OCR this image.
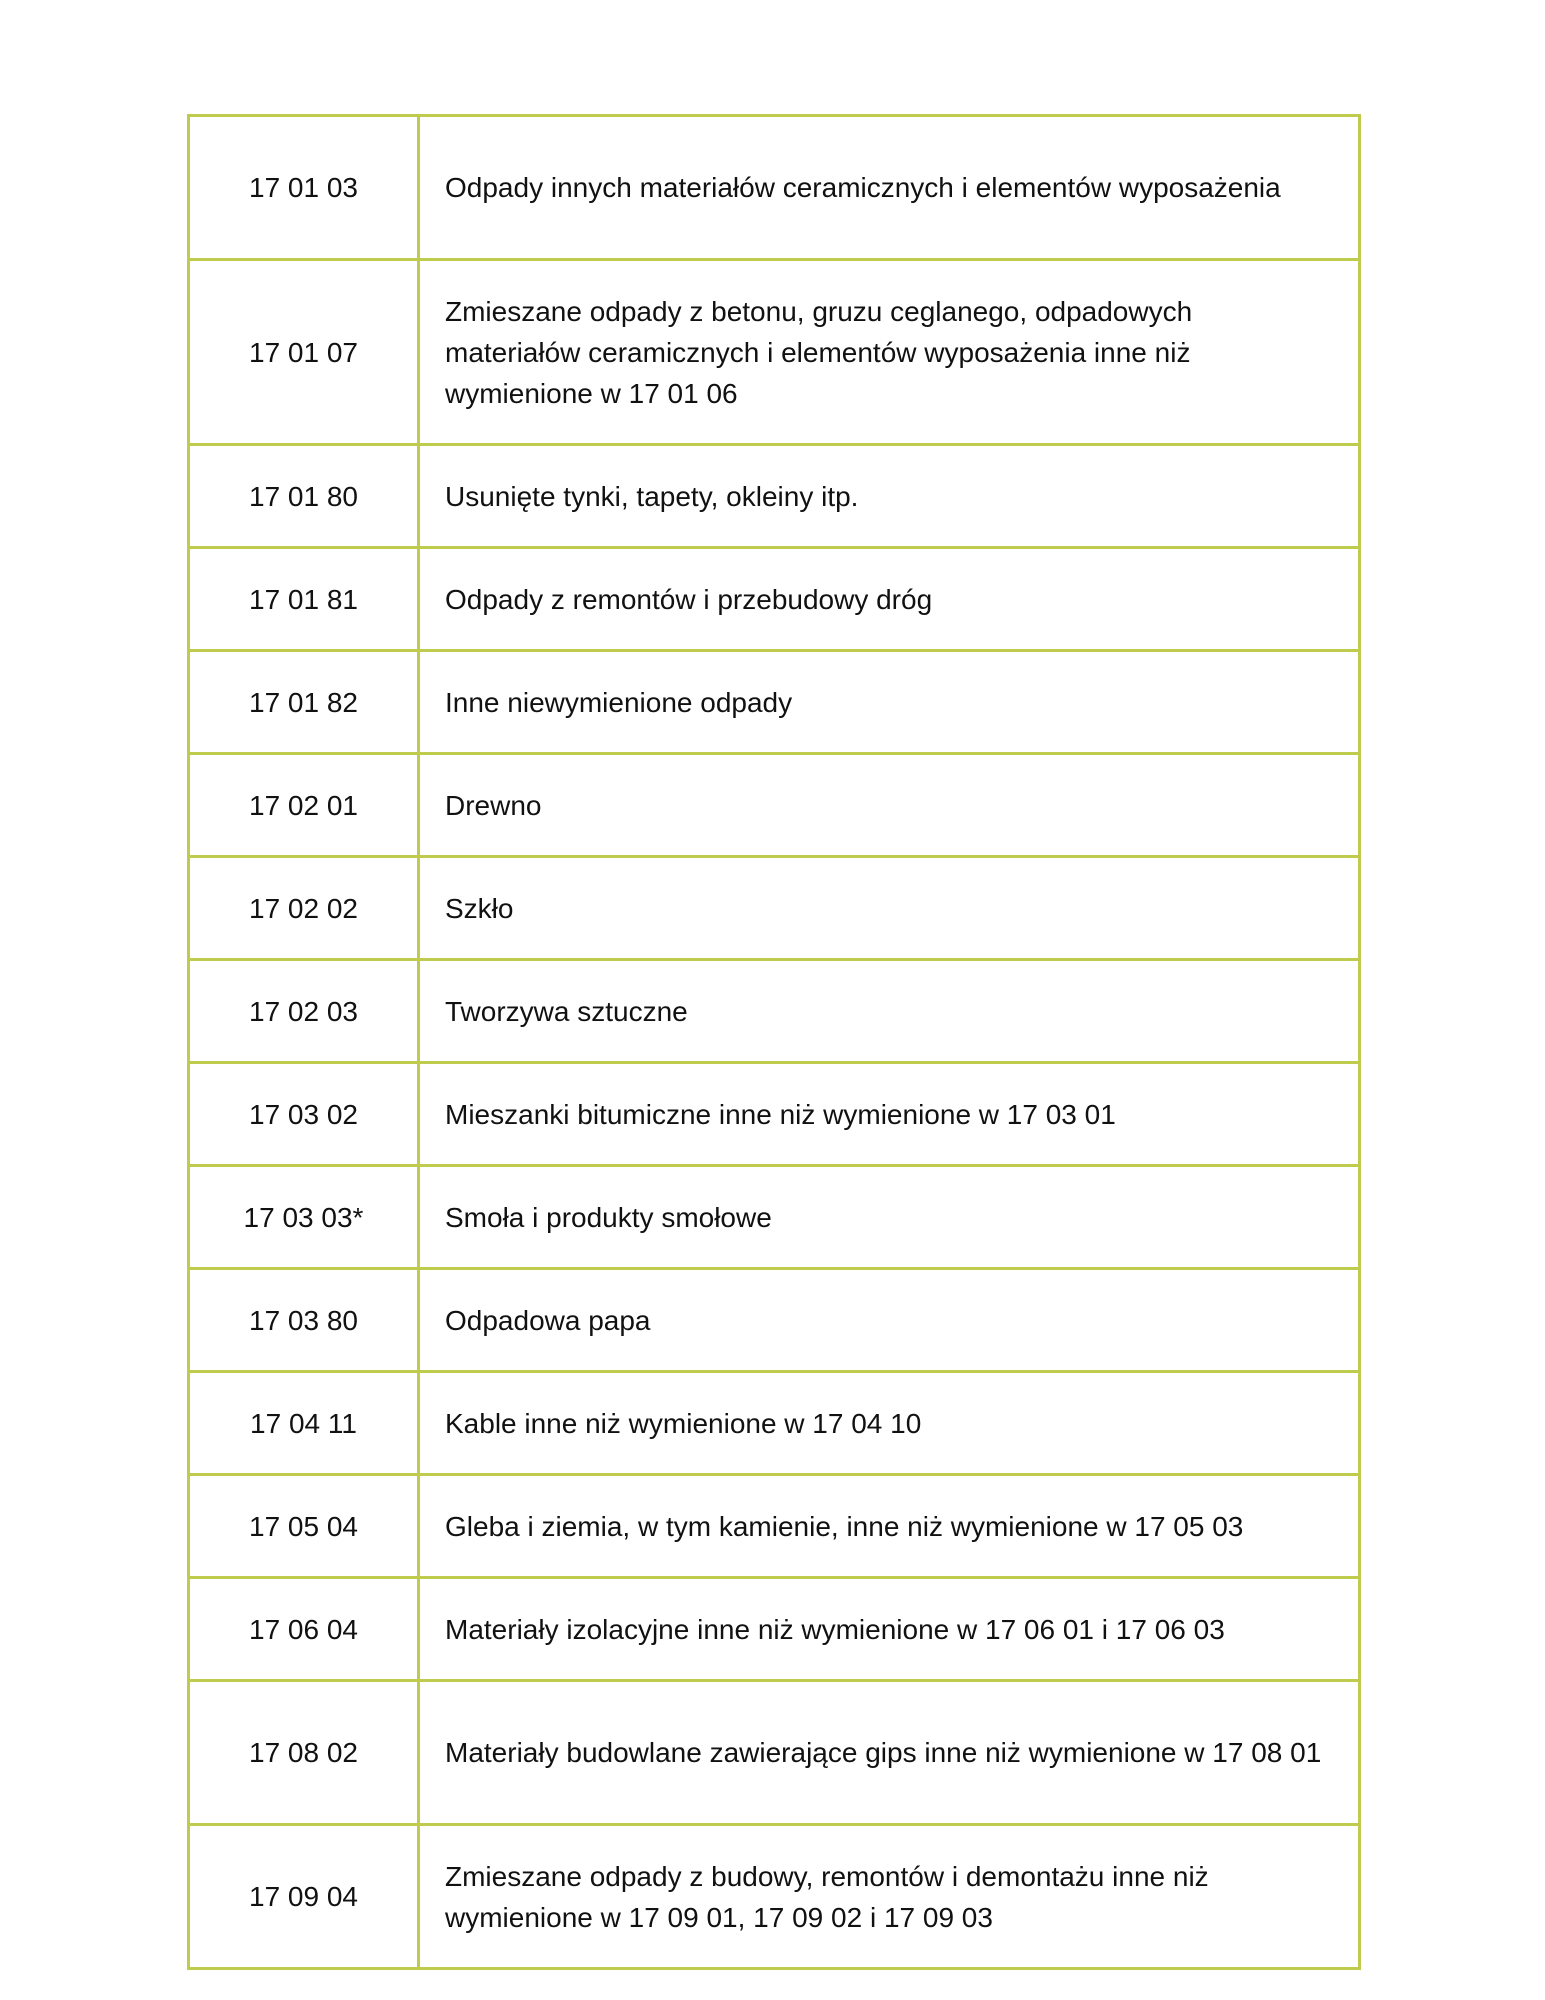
17 01 03	Odpady innych materiałów ceramicznych i elementów wyposażenia
17 01 07	Zmieszane odpady z betonu, gruzu ceglanego, odpadowych materiałów ceramicznych i elementów wyposażenia inne niż wymienione w 17 01 06
17 01 80	Usunięte tynki, tapety, okleiny itp.
17 01 81	Odpady z remontów i przebudowy dróg
17 01 82	Inne niewymienione odpady
17 02 01	Drewno
17 02 02	Szkło
17 02 03	Tworzywa sztuczne
17 03 02	Mieszanki bitumiczne inne niż wymienione w 17 03 01
17 03 03*	Smoła i produkty smołowe
17 03 80	Odpadowa papa
17 04 11	Kable inne niż wymienione w 17 04 10
17 05 04	Gleba i ziemia, w tym kamienie, inne niż wymienione w 17 05 03
17 06 04	Materiały izolacyjne inne niż wymienione w 17 06 01 i 17 06 03
17 08 02	Materiały budowlane zawierające gips inne niż wymienione w 17 08 01
17 09 04	Zmieszane odpady z budowy, remontów i demontażu inne niż wymienione w 17 09 01, 17 09 02 i 17 09 03
